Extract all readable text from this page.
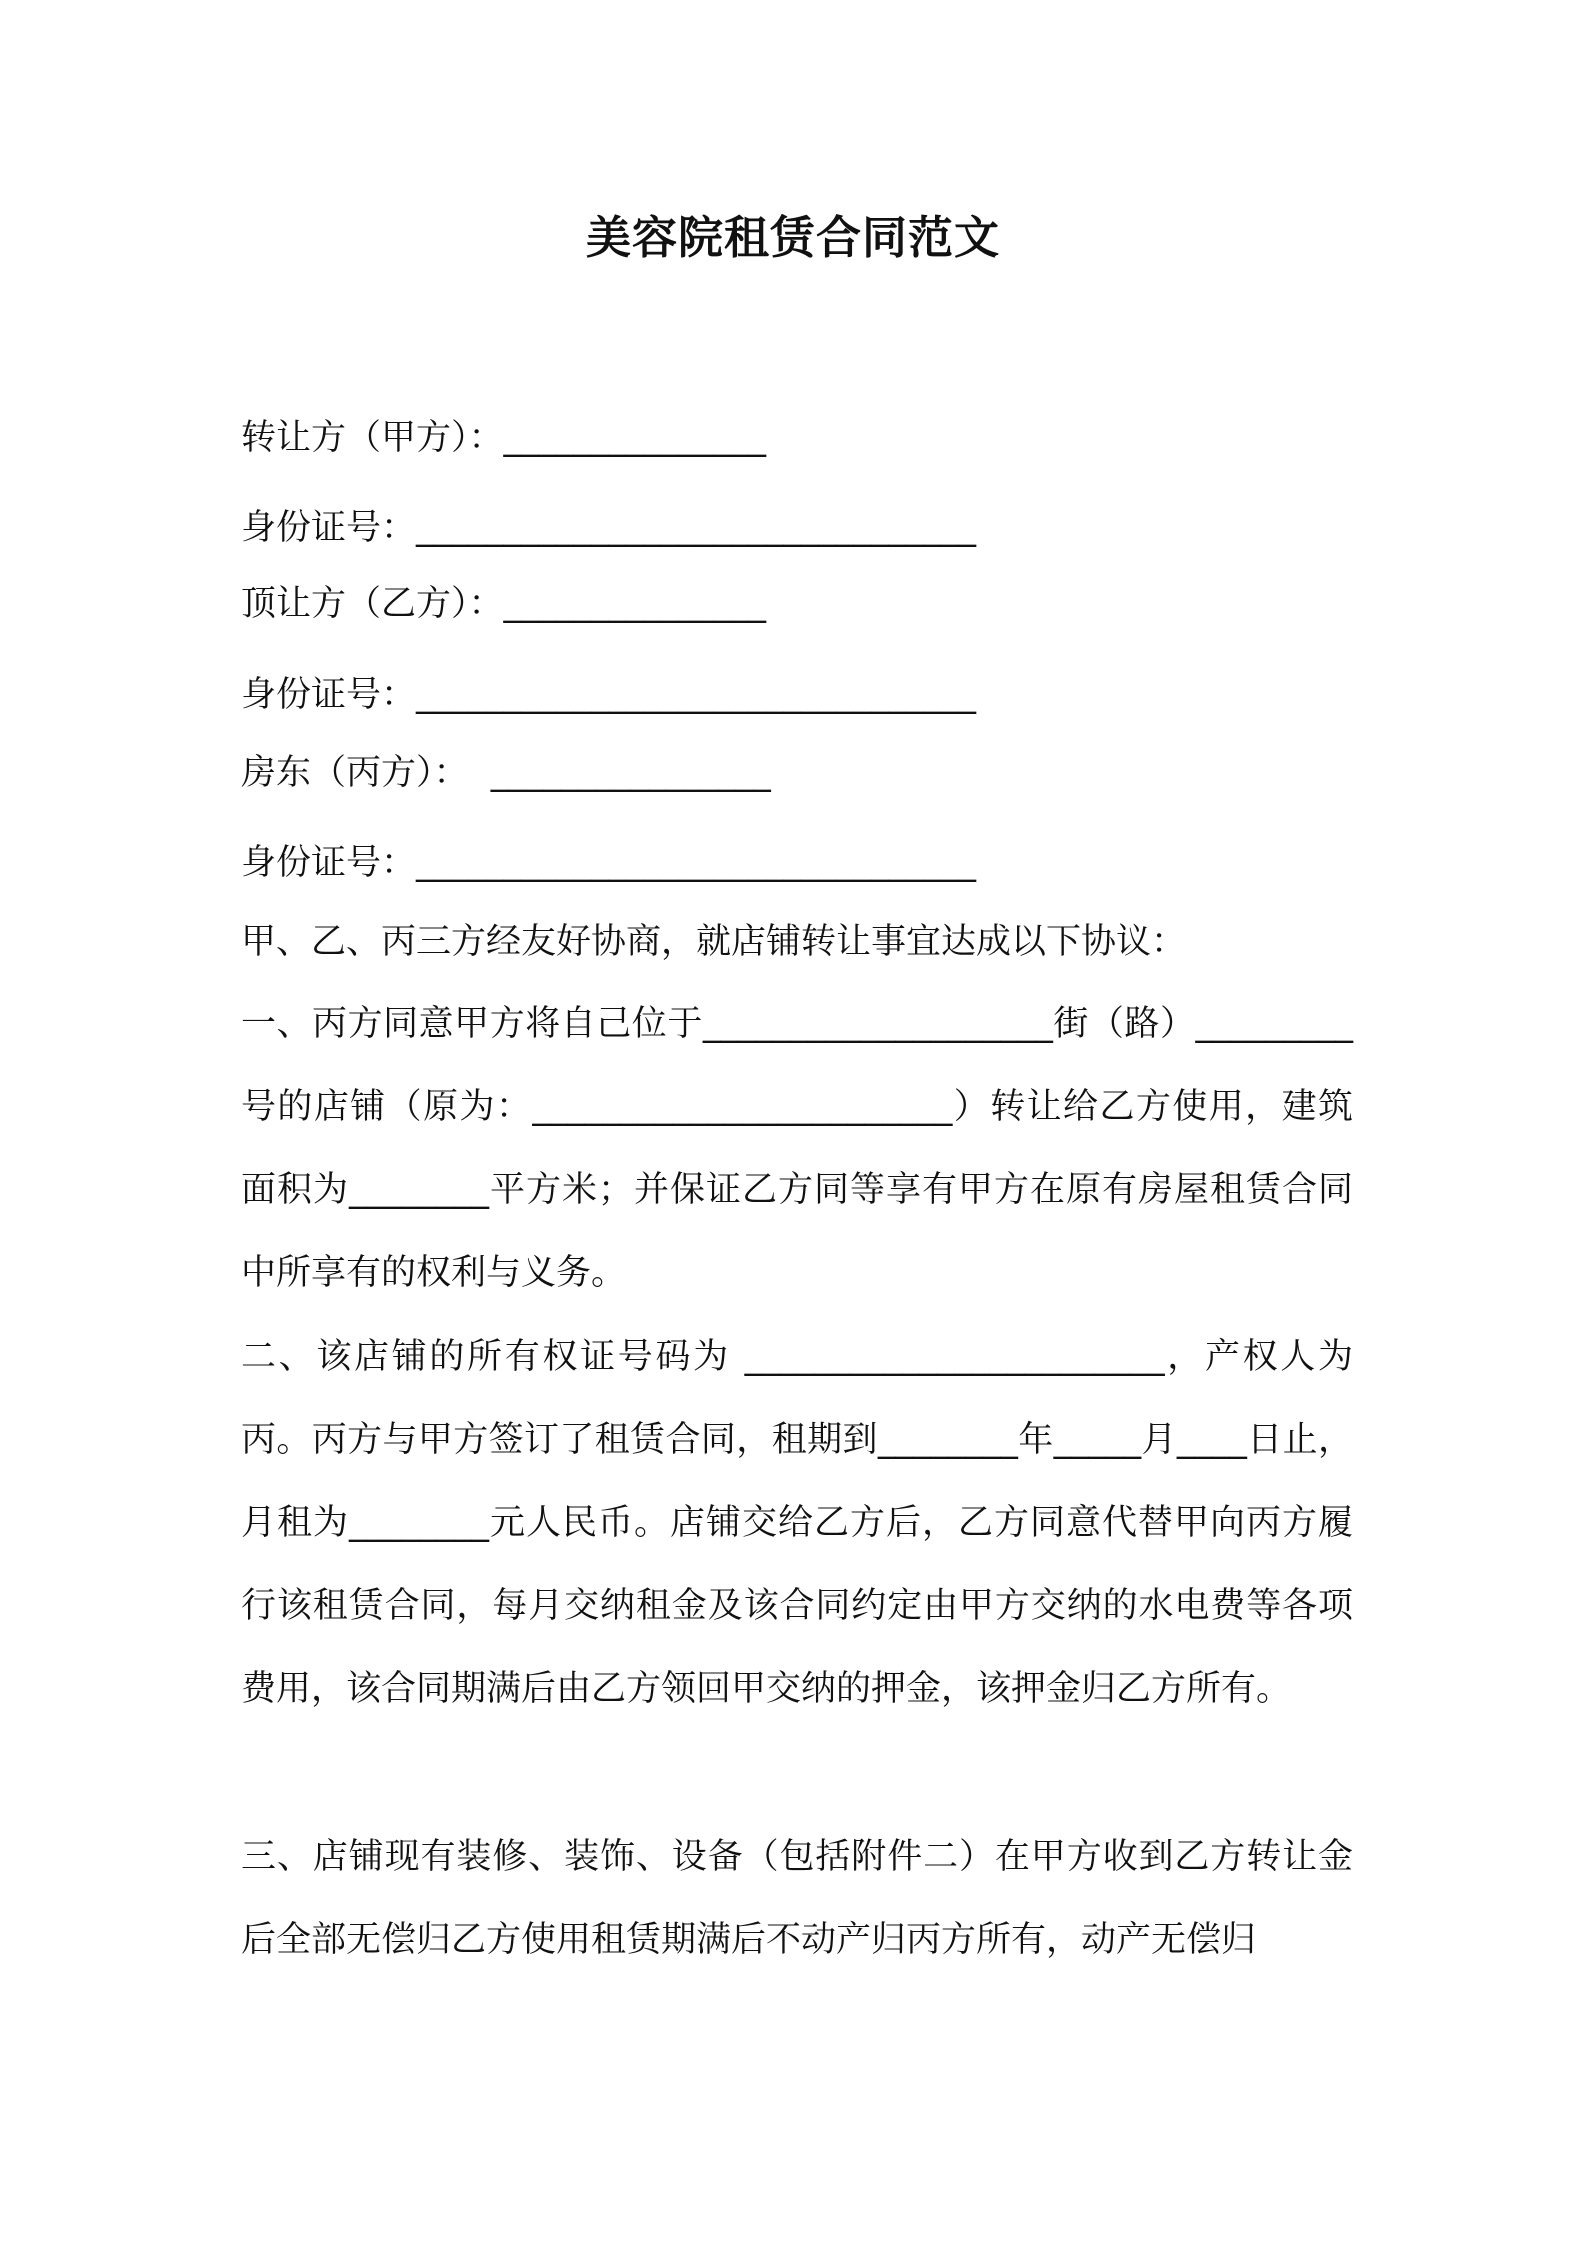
美容院租赁合同范文
转让方（甲方）：_______________
身份证号：________________________________
顶让方（乙方）：_______________
身份证号：________________________________
房东（丙方）：  ________________
身份证号：________________________________
甲、乙、丙三方经友好协商，就店铺转让事宜达成以下协议：
一、丙方同意甲方将自己位于____________________街（路）_________号的店铺（原为：________________________）转让给乙方使用，建筑面积为________平方米；并保证乙方同等享有甲方在原有房屋租赁合同中所享有的权利与义务。
二、该店铺的所有权证号码为 ________________________，产权人为丙。丙方与甲方签订了租赁合同，租期到________年_____月____日止，月租为________元人民币。店铺交给乙方后，乙方同意代替甲向丙方履行该租赁合同，每月交纳租金及该合同约定由甲方交纳的水电费等各项费用，该合同期满后由乙方领回甲交纳的押金，该押金归乙方所有。
三、店铺现有装修、装饰、设备（包括附件二）在甲方收到乙方转让金后全部无偿归乙方使用租赁期满后不动产归丙方所有，动产无偿归
